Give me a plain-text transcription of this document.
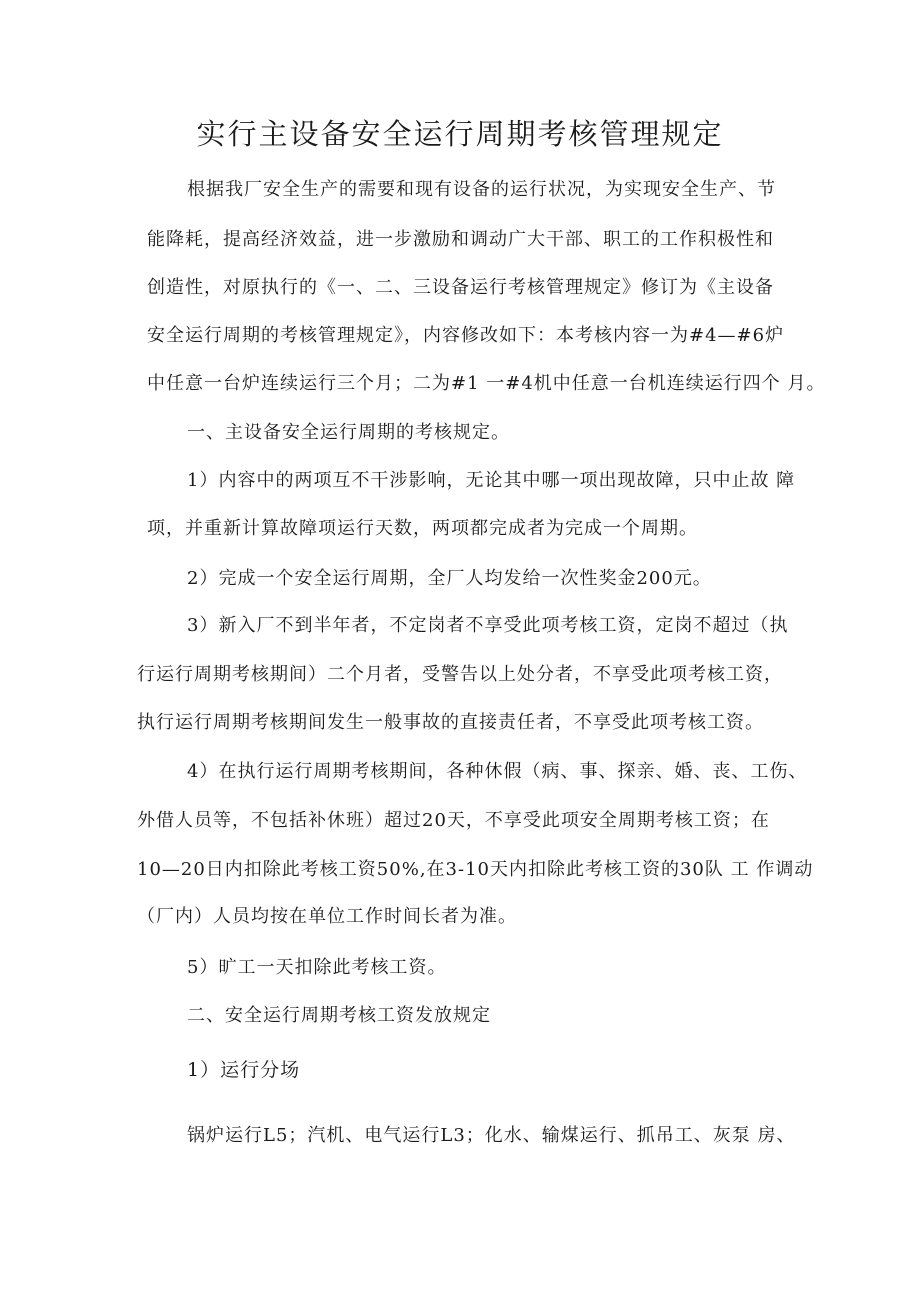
实行主设备安全运行周期考核管理规定
根据我厂安全生产的需要和现有设备的运行状况，为实现安全生产、节
能降耗，提高经济效益，进一步激励和调动广大干部、职工的工作积极性和
创造性，对原执行的《一、二、三设备运行考核管理规定》修订为《主设备
安全运行周期的考核管理规定》，内容修改如下：本考核内容一为#4—#6炉
中任意一台炉连续运行三个月；二为#1 一#4机中任意一台机连续运行四个 月。
一、主设备安全运行周期的考核规定。
1）内容中的两项互不干涉影响，无论其中哪一项出现故障，只中止故 障
项，并重新计算故障项运行天数，两项都完成者为完成一个周期。
2）完成一个安全运行周期，全厂人均发给一次性奖金200元。
3）新入厂不到半年者，不定岗者不享受此项考核工资，定岗不超过（执
行运行周期考核期间）二个月者，受警告以上处分者，不享受此项考核工资，
执行运行周期考核期间发生一般事故的直接责任者，不享受此项考核工资。
4）在执行运行周期考核期间，各种休假（病、事、探亲、婚、丧、工伤、
外借人员等，不包括补休班）超过20天，不享受此项安全周期考核工资；在
10—20日内扣除此考核工资50%,在3-10天内扣除此考核工资的30队 工 作调动
（厂内）人员均按在单位工作时间长者为准。
5）旷工一天扣除此考核工资。
二、安全运行周期考核工资发放规定
1）运行分场
锅炉运行L5；汽机、电气运行L3；化水、输煤运行、抓吊工、灰泵 房、
